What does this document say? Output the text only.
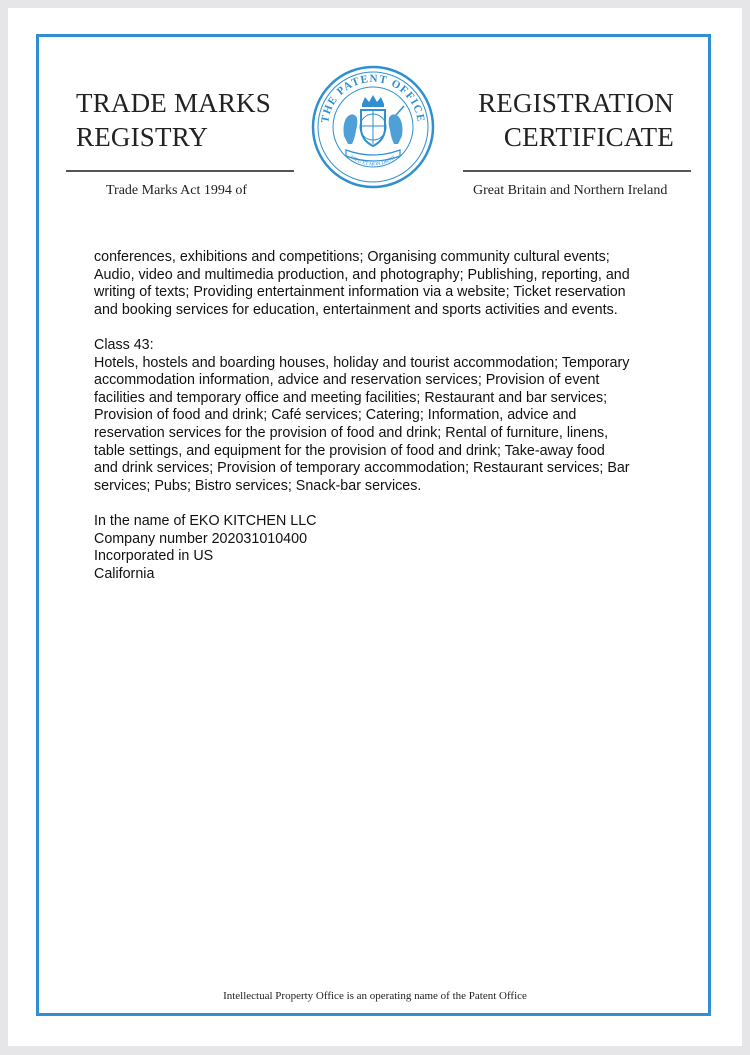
TRADE MARKS
REGISTRY
REGISTRATION
CERTIFICATE
Trade Marks Act 1994 of	Great Britain and Northern Ireland
THE PATENT OFFICE
DIEU ET MON DROIT

conferences, exhibitions and competitions; Organising community cultural events;
Audio, video and multimedia production, and photography; Publishing, reporting, and
writing of texts; Providing entertainment information via a website; Ticket reservation
and booking services for education, entertainment and sports activities and events.

Class 43:
Hotels, hostels and boarding houses, holiday and tourist accommodation; Temporary
accommodation information, advice and reservation services; Provision of event
facilities and temporary office and meeting facilities; Restaurant and bar services;
Provision of food and drink; Café services; Catering; Information, advice and
reservation services for the provision of food and drink; Rental of furniture, linens,
table settings, and equipment for the provision of food and drink; Take-away food
and drink services; Provision of temporary accommodation; Restaurant services; Bar
services; Pubs; Bistro services; Snack-bar services.

In the name of EKO KITCHEN LLC
Company number 202031010400
Incorporated in US
California

Intellectual Property Office is an operating name of the Patent Office
